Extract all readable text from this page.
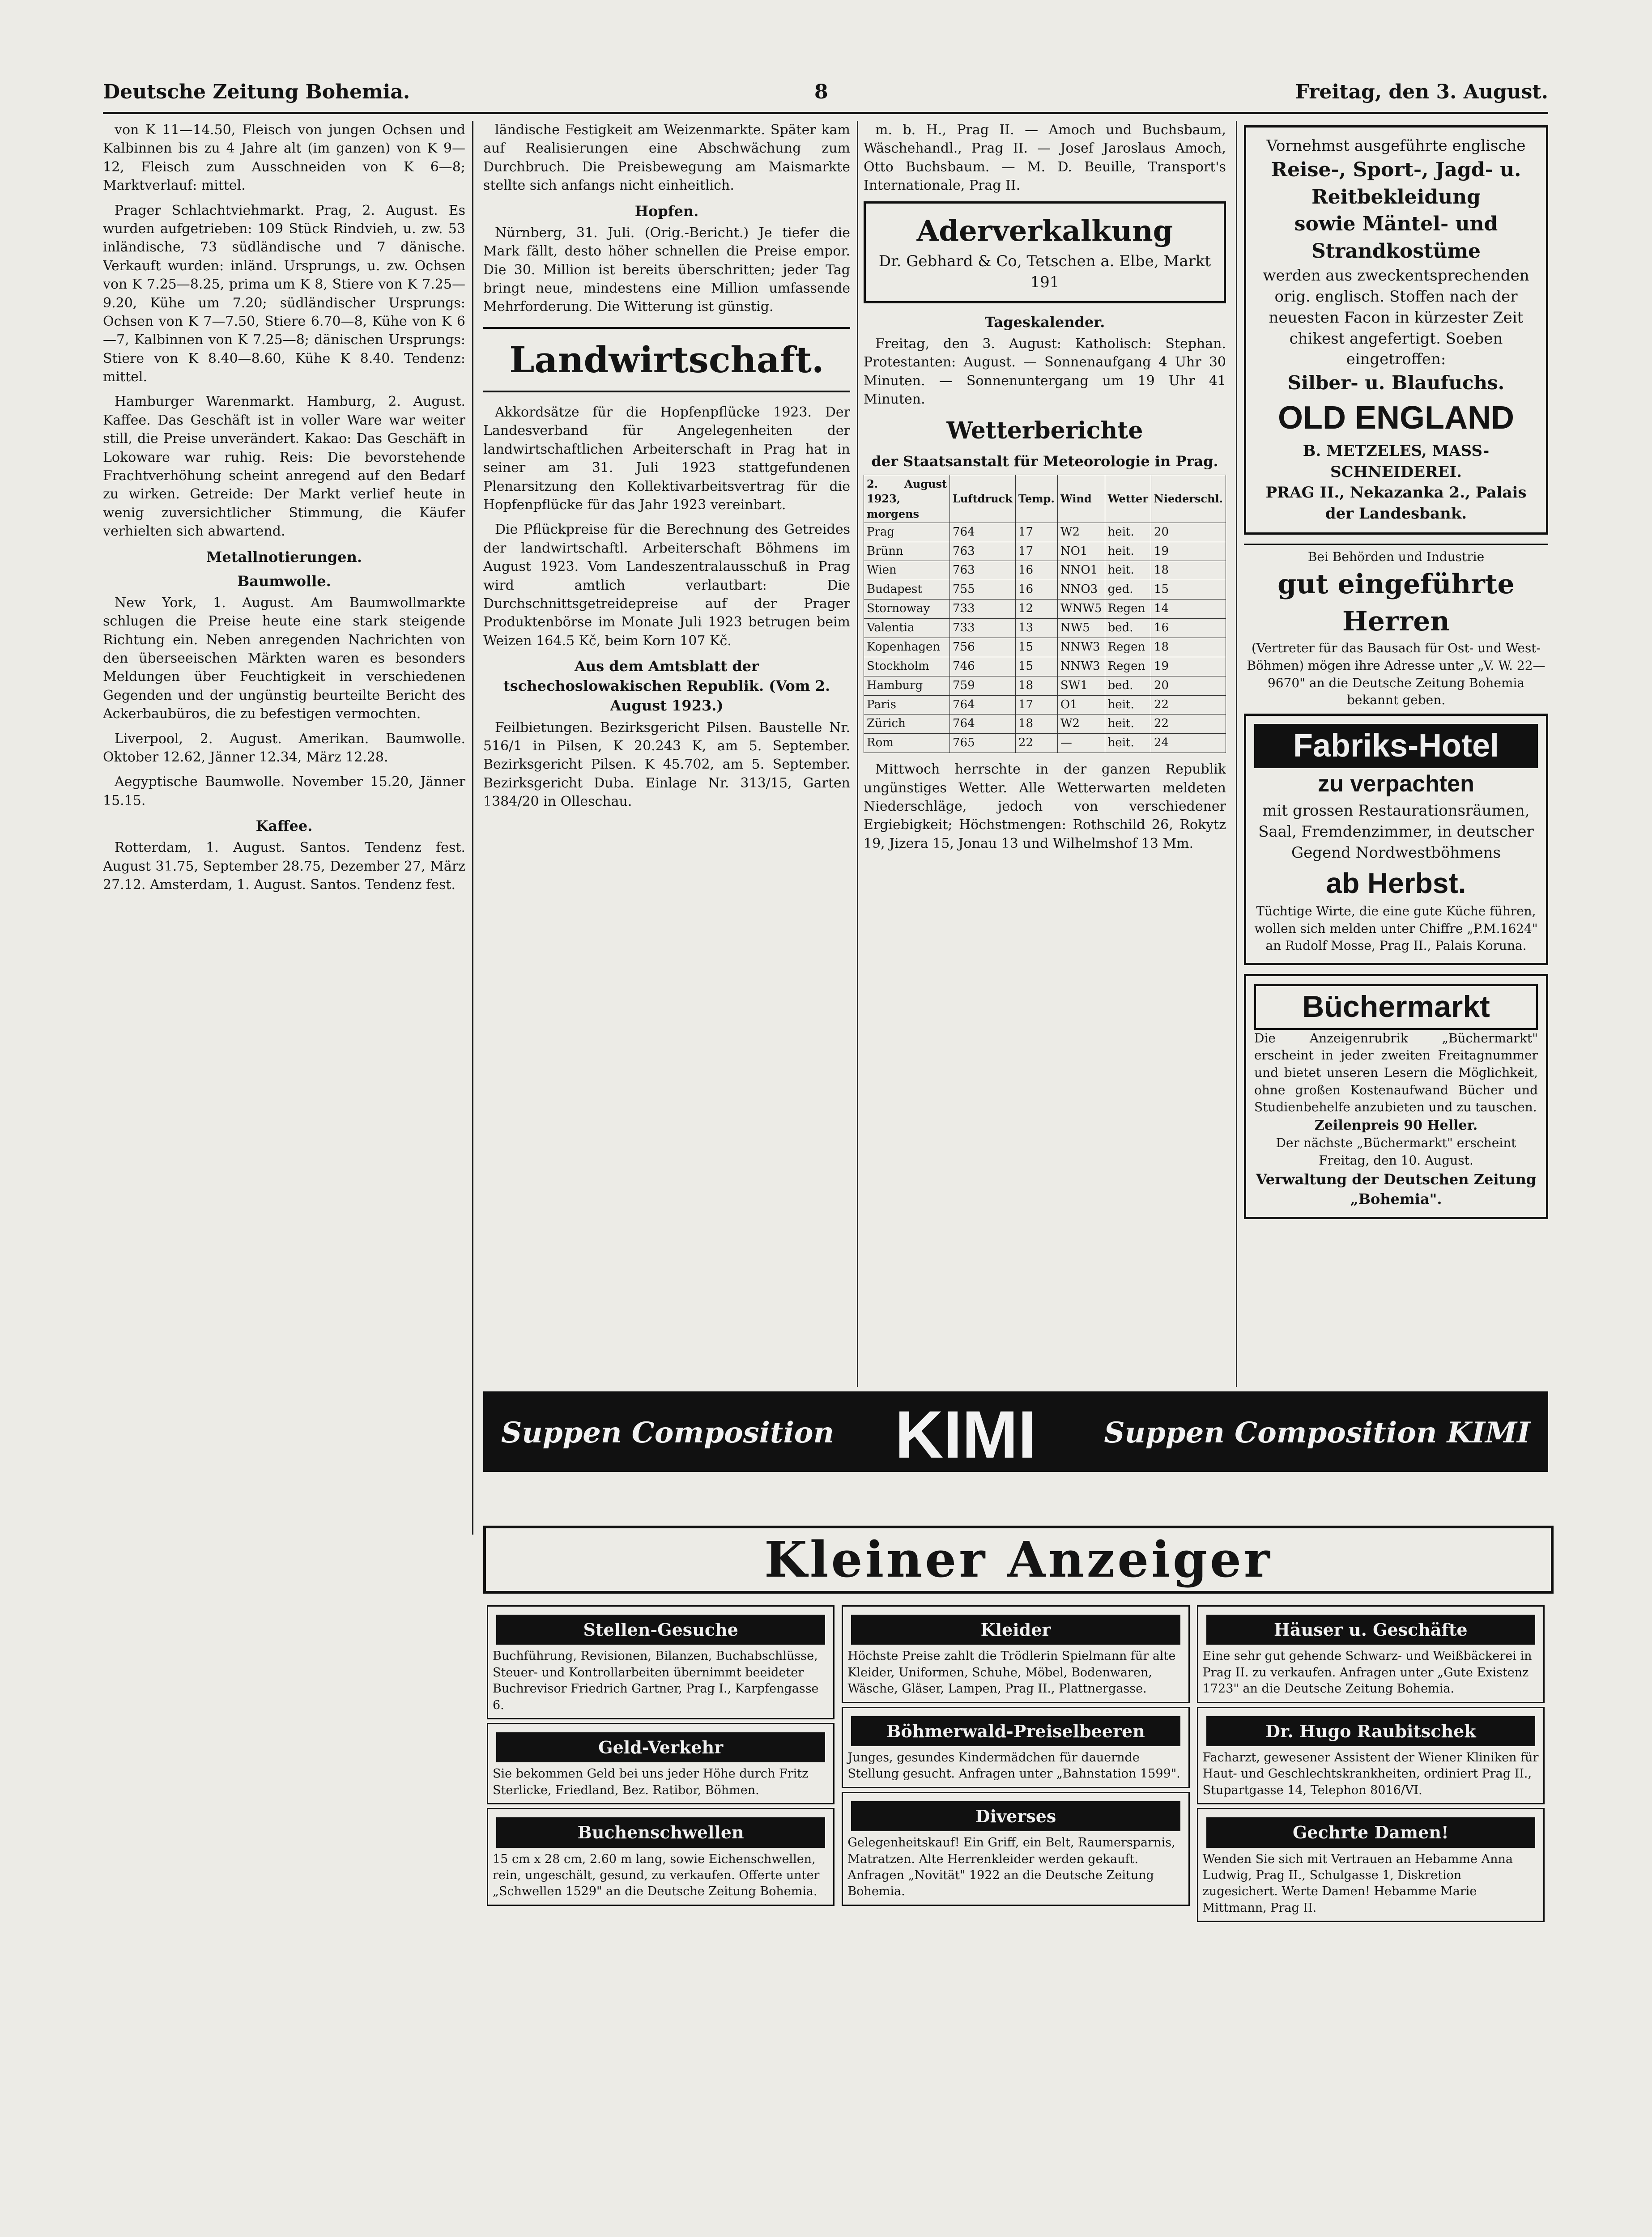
Deutsche Zeitung Bohemia.	8	Freitag, den 3. August.

von K 11—14.50, Fleisch von jungen Ochsen und Kalbinnen bis zu 4 Jahre alt (im ganzen) von K 9—12, Fleisch zum Ausschneiden von K 6—8; Marktverlauf: mittel.

Prager Schlachtviehmarkt. Prag, 2. August. Es wurden aufgetrieben: 109 Stück Rindvieh, u. zw. 53 inländische, 73 südländische und 7 dänische. Verkauft wurden: inländ. Ursprungs, u. zw. Ochsen von K 7.25—8.25, prima um K 8, Stiere von K 7.25—9.20, Kühe um 7.20; südländischer Ursprungs: Ochsen von K 7—7.50, Stiere 6.70—8, Kühe von K 6—7, Kalbinnen von K 7.25—8; dänischen Ursprungs: Stiere von K 8.40—8.60, Kühe K 8.40. Tendenz: mittel.

Hamburger Warenmarkt. Hamburg, 2. August. Kaffee. Das Geschäft ist in voller Ware war weiter still, die Preise unverändert. Kakao: Das Geschäft in Lokoware war ruhig. Reis: Die bevorstehende Frachtverhöhung scheint anregend auf den Bedarf zu wirken. Getreide: Der Markt verlief heute in wenig zuversichtlicher Stimmung, die Käufer verhielten sich abwartend.

Metallnotierungen.
Baumwolle.

New York, 1. August. Am Baumwollmarkte schlugen die Preise heute eine stark steigende Richtung ein. Neben anregenden Nachrichten von den überseeischen Märkten waren es besonders Meldungen über Feuchtigkeit in verschiedenen Gegenden und der ungünstig beurteilte Bericht des Ackerbaubüros, die zu befestigen vermochten.

Liverpool, 2. August. Amerikan. Baumwolle. Oktober 12.62, Jänner 12.34, März 12.28.

Aegyptische Baumwolle. November 15.20, Jänner 15.15.

Kaffee.

Rotterdam, 1. August. Santos. Tendenz fest. August 31.75, September 28.75, Dezember 27, März 27.12. Amsterdam, 1. August. Santos. Tendenz fest.

ländische Festigkeit am Weizenmarkte. Später kam auf Realisierungen eine Abschwächung zum Durchbruch. Die Preisbewegung am Maismarkte stellte sich anfangs nicht einheitlich.

Hopfen.

Nürnberg, 31. Juli. (Orig.-Bericht.) Je tiefer die Mark fällt, desto höher schnellen die Preise empor. Die 30. Million ist bereits überschritten; jeder Tag bringt neue, mindestens eine Million umfassende Mehrforderung. Die Witterung ist günstig.

Landwirtschaft.

Akkordsätze für die Hopfenpflücke 1923. Der Landesverband für Angelegenheiten der landwirtschaftlichen Arbeiterschaft in Prag hat in seiner am 31. Juli 1923 stattgefundenen Plenarsitzung den Kollektivarbeitsvertrag für die Hopfenpflücke für das Jahr 1923 vereinbart.

Die Pflückpreise für die Berechnung des Getreides der landwirtschaftl. Arbeiterschaft Böhmens im August 1923. Vom Landeszentralausschuß in Prag wird amtlich verlautbart: Die Durchschnittsgetreidepreise auf der Prager Produktenbörse im Monate Juli 1923 betrugen beim Weizen 164.5 Kč, beim Korn 107 Kč.

Aus dem Amtsblatt der tschechoslowakischen Republik. (Vom 2. August 1923.)

Feilbietungen. Bezirksgericht Pilsen. Baustelle Nr. 516/1 in Pilsen, K 20.243 K, am 5. September. Bezirksgericht Pilsen. K 45.702, am 5. September. Bezirksgericht Duba. Einlage Nr. 313/15, Garten 1384/20 in Olleschau.

m. b. H., Prag II. — Amoch und Buchsbaum, Wäschehandl., Prag II. — Josef Jaroslaus Amoch, Otto Buchsbaum. — M. D. Beuille, Transport's Internationale, Prag II.

Aderverkalkung
Dr. Gebhard & Co, Tetschen a. Elbe, Markt 191
Tageskalender.

Freitag, den 3. August: Katholisch: Stephan. Protestanten: August. — Sonnenaufgang 4 Uhr 30 Minuten. — Sonnenuntergang um 19 Uhr 41 Minuten.

Wetterberichte
der Staatsanstalt für Meteorologie in Prag.
2. August 1923, morgens	Luftdruck	Temp.	Wind	Wetter	Niederschl.
Prag	764	17	W2	heit.	20
Brünn	763	17	NO1	heit.	19
Wien	763	16	NNO1	heit.	18
Budapest	755	16	NNO3	ged.	15
Stornoway	733	12	WNW5	Regen	14
Valentia	733	13	NW5	bed.	16
Kopenhagen	756	15	NNW3	Regen	18
Stockholm	746	15	NNW3	Regen	19
Hamburg	759	18	SW1	bed.	20
Paris	764	17	O1	heit.	22
Zürich	764	18	W2	heit.	22
Rom	765	22	—	heit.	24

Mittwoch herrschte in der ganzen Republik ungünstiges Wetter. Alle Wetterwarten meldeten Niederschläge, jedoch von verschiedener Ergiebigkeit; Höchstmengen: Rothschild 26, Rokytz 19, Jizera 15, Jonau 13 und Wilhelmshof 13 Mm.

Vornehmst ausgeführte englische
Reise-, Sport-, Jagd- u. Reitbekleidung
sowie Mäntel- und Strandkostüme
werden aus zweckentsprechenden orig. englisch. Stoffen nach der neuesten Facon in kürzester Zeit chikest angefertigt. Soeben eingetroffen:
Silber- u. Blaufuchs.
OLD ENGLAND
B. METZELES, MASS-SCHNEIDEREI.
PRAG II., Nekazanka 2., Palais der Landesbank.
Bei Behörden und Industrie
gut eingeführte Herren
(Vertreter für das Bausach für Ost- und West-Böhmen) mögen ihre Adresse unter „V. W. 22—9670" an die Deutsche Zeitung Bohemia bekannt geben.
Fabriks-Hotel
zu verpachten
mit grossen Restaurationsräumen, Saal, Fremdenzimmer, in deutscher Gegend Nordwestböhmens
ab Herbst.
Tüchtige Wirte, die eine gute Küche führen, wollen sich melden unter Chiffre „P.M.1624" an Rudolf Mosse, Prag II., Palais Koruna.
Büchermarkt
Die Anzeigenrubrik „Büchermarkt" erscheint in jeder zweiten Freitagnummer und bietet unseren Lesern die Möglichkeit, ohne großen Kostenaufwand Bücher und Studienbehelfe anzubieten und zu tauschen.
Zeilenpreis 90 Heller.
Der nächste „Büchermarkt" erscheint Freitag, den 10. August.
Verwaltung der Deutschen Zeitung „Bohemia".
Suppen Composition KIMI Suppen Composition KIMI
Kleiner Anzeiger
Stellen-Gesuche
Buchführung, Revisionen, Bilanzen, Buchabschlüsse, Steuer- und Kontrollarbeiten übernimmt beeideter Buchrevisor Friedrich Gartner, Prag I., Karpfengasse 6.
Geld-Verkehr
Sie bekommen Geld bei uns jeder Höhe durch Fritz Sterlicke, Friedland, Bez. Ratibor, Böhmen.
Buchenschwellen
15 cm x 28 cm, 2.60 m lang, sowie Eichenschwellen, rein, ungeschält, gesund, zu verkaufen. Offerte unter „Schwellen 1529" an die Deutsche Zeitung Bohemia.
Kleider
Höchste Preise zahlt die Trödlerin Spielmann für alte Kleider, Uniformen, Schuhe, Möbel, Bodenwaren, Wäsche, Gläser, Lampen, Prag II., Plattnergasse.
Böhmerwald-Preiselbeeren
Junges, gesundes Kindermädchen für dauernde Stellung gesucht. Anfragen unter „Bahnstation 1599".
Diverses
Gelegenheitskauf! Ein Griff, ein Belt, Raumersparnis, Matratzen. Alte Herrenkleider werden gekauft. Anfragen „Novität" 1922 an die Deutsche Zeitung Bohemia.
Häuser u. Geschäfte
Eine sehr gut gehende Schwarz- und Weißbäckerei in Prag II. zu verkaufen. Anfragen unter „Gute Existenz 1723" an die Deutsche Zeitung Bohemia.
Dr. Hugo Raubitschek
Facharzt, gewesener Assistent der Wiener Kliniken für Haut- und Geschlechtskrankheiten, ordiniert Prag II., Stupartgasse 14, Telephon 8016/VI.
Gechrte Damen!
Wenden Sie sich mit Vertrauen an Hebamme Anna Ludwig, Prag II., Schulgasse 1, Diskretion zugesichert. Werte Damen! Hebamme Marie Mittmann, Prag II.
